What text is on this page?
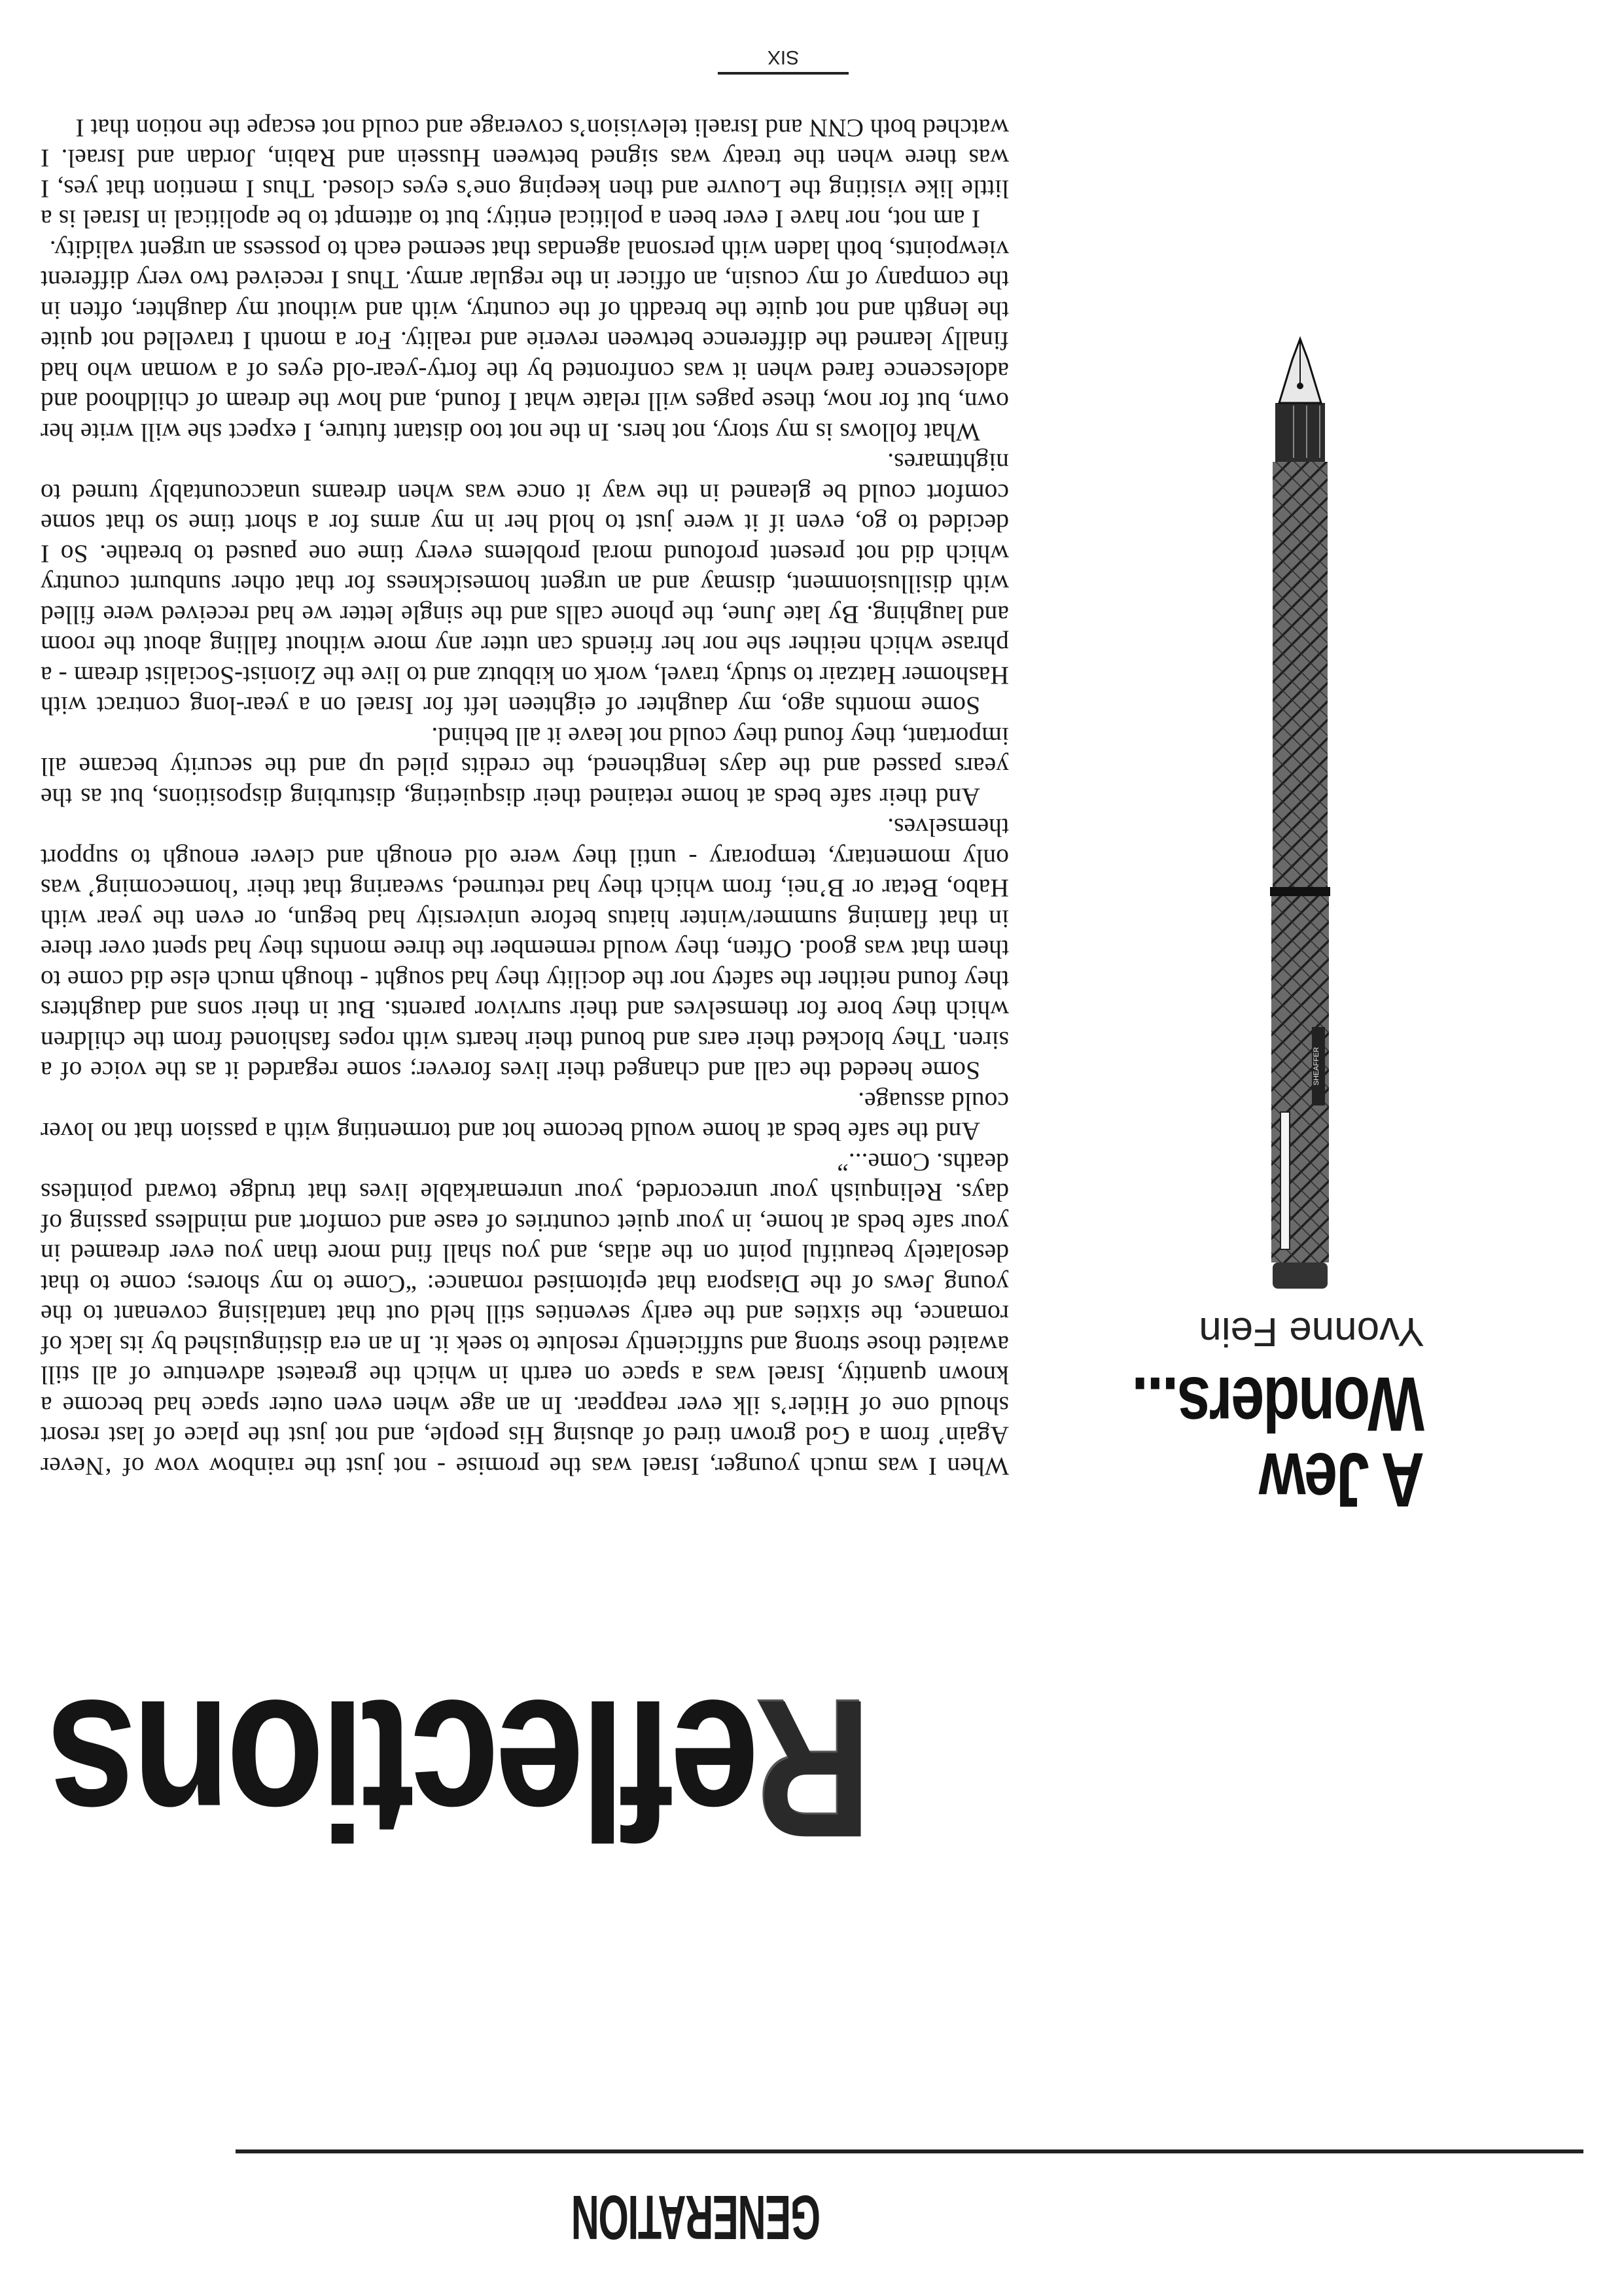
GENERATION
Reflections
A Jew
Wonders...
Yvonne Fein
SHEAFFER

When I was much younger, Israel was the promise - not just the rainbow vow of ‘Never Again’ from a God grown tired of abusing His people, and not just the place of last resort should one of Hitler’s ilk ever reappear. In an age when even outer space had become a known quantity, Israel was a space on earth in which the greatest adventure of all still awaited those strong and sufficiently resolute to seek it. In an era distinguished by its lack of romance, the sixties and the early seventies still held out that tantalising covenant to the young Jews of the Diaspora that epitomised romance: “Come to my shores; come to that desolately beautiful point on the atlas, and you shall find more than you ever dreamed in your safe beds at home, in your quiet countries of ease and comfort and mindless passing of days. Relinquish your unrecorded, your unremarkable lives that trudge toward pointless deaths. Come...”

And the safe beds at home would become hot and tormenting with a passion that no lover could assuage.

Some heeded the call and changed their lives forever; some regarded it as the voice of a siren. They blocked their ears and bound their hearts with ropes fashioned from the children which they bore for themselves and their survivor parents. But in their sons and daughters they found neither the safety nor the docility they had sought - though much else did come to them that was good. Often, they would remember the three months they had spent over there in that flaming summer/winter hiatus before university had begun, or even the year with Habo, Betar or B’nei, from which they had returned, swearing that their ‘homecoming’ was only momentary, temporary - until they were old enough and clever enough to support themselves.

And their safe beds at home retained their disquieting, disturbing dispositions, but as the years passed and the days lengthened, the credits piled up and the security became all important, they found they could not leave it all behind.

Some months ago, my daughter of eighteen left for Israel on a year-long contract with Hashomer Hatzair to study, travel, work on kibbutz and to live the Zionist-Socialist dream - a phrase which neither she nor her friends can utter any more without falling about the room and laughing. By late June, the phone calls and the single letter we had received were filled with disillusionment, dismay and an urgent homesickness for that other sunburnt country which did not present profound moral problems every time one paused to breathe. So I decided to go, even if it were just to hold her in my arms for a short time so that some comfort could be gleaned in the way it once was when dreams unaccountably turned to nightmares.

What follows is my story, not hers. In the not too distant future, I expect she will write her own, but for now, these pages will relate what I found, and how the dream of childhood and adolescence fared when it was confronted by the forty-year-old eyes of a woman who had finally learned the difference between reverie and reality. For a month I travelled not quite the length and not quite the breadth of the country, with and without my daughter, often in the company of my cousin, an officer in the regular army. Thus I received two very different viewpoints, both laden with personal agendas that seemed each to possess an urgent validity.

I am not, nor have I ever been a political entity; but to attempt to be apolitical in Israel is a little like visiting the Louvre and then keeping one’s eyes closed. Thus I mention that yes, I was there when the treaty was signed between Hussein and Rabin, Jordan and Israel. I watched both CNN and Israeli television’s coverage and could not escape the notion that I

SIX
